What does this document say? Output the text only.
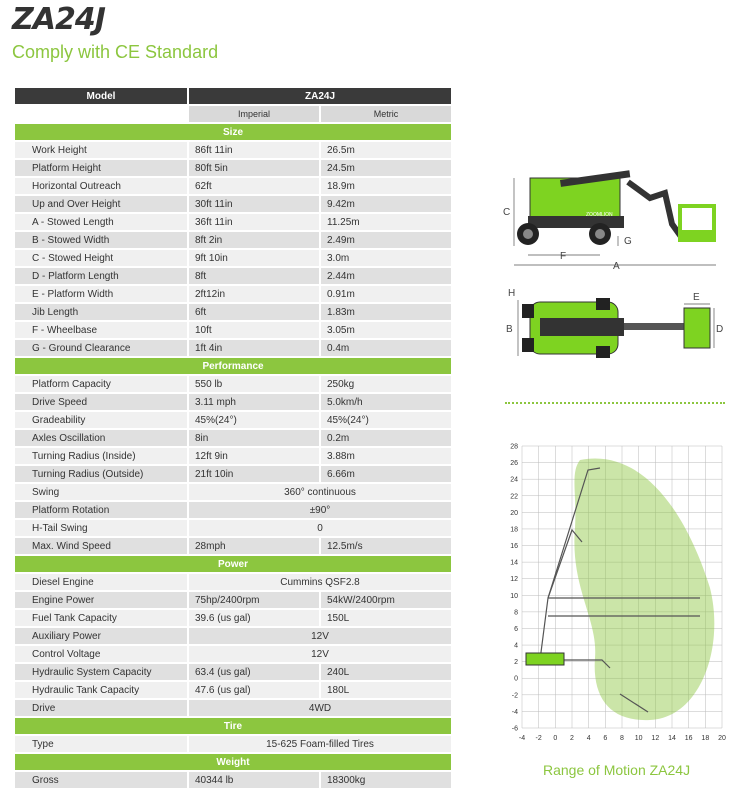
ZA24J
Comply with CE Standard
Model	ZA24J	
	Imperial	Metric
Size		
Work Height	86ft 11in	26.5m
Platform Height	80ft 5in	24.5m
Horizontal Outreach	62ft	18.9m
Up and Over Height	30ft 11in	9.42m
A - Stowed Length	36ft 11in	11.25m
B - Stowed Width	8ft 2in	2.49m
C - Stowed Height	9ft 10in	3.0m
D - Platform Length	8ft	2.44m
E - Platform Width	2ft12in	0.91m
Jib Length	6ft	1.83m
F - Wheelbase	10ft	3.05m
G - Ground Clearance	1ft 4in	0.4m
Performance		
Platform Capacity	550 lb	250kg
Drive Speed	3.11 mph	5.0km/h
Gradeability	45%(24°)	45%(24°)
Axles Oscillation	8in	0.2m
Turning Radius (Inside)	12ft 9in	3.88m
Turning Radius (Outside)	21ft 10in	6.66m
Swing	360° continuous	
Platform Rotation	±90°	
H-Tail Swing	0	
Max. Wind Speed	28mph	12.5m/s
Power		
Diesel Engine	Cummins QSF2.8	
Engine Power	75hp/2400rpm	54kW/2400rpm
Fuel Tank Capacity	39.6 (us gal)	150L
Auxiliary Power	12V	
Control Voltage	12V	
Hydraulic System Capacity	63.4 (us gal)	240L
Hydraulic Tank Capacity	47.6 (us gal)	180L
Drive	4WD	
Tire		
Type	15-625 Foam-filled Tires	
Weight		
Gross	40344 lb	18300kg
ZOOMLION
C
G
F
A
H
B
E
D
-4 -2 0 2 4 6 8 10 12 14 16 18 20
28
26
24
22
20
18
16
14
12
10
8
6
4
2
0
-2
-4
-6
Range of Motion ZA24J
